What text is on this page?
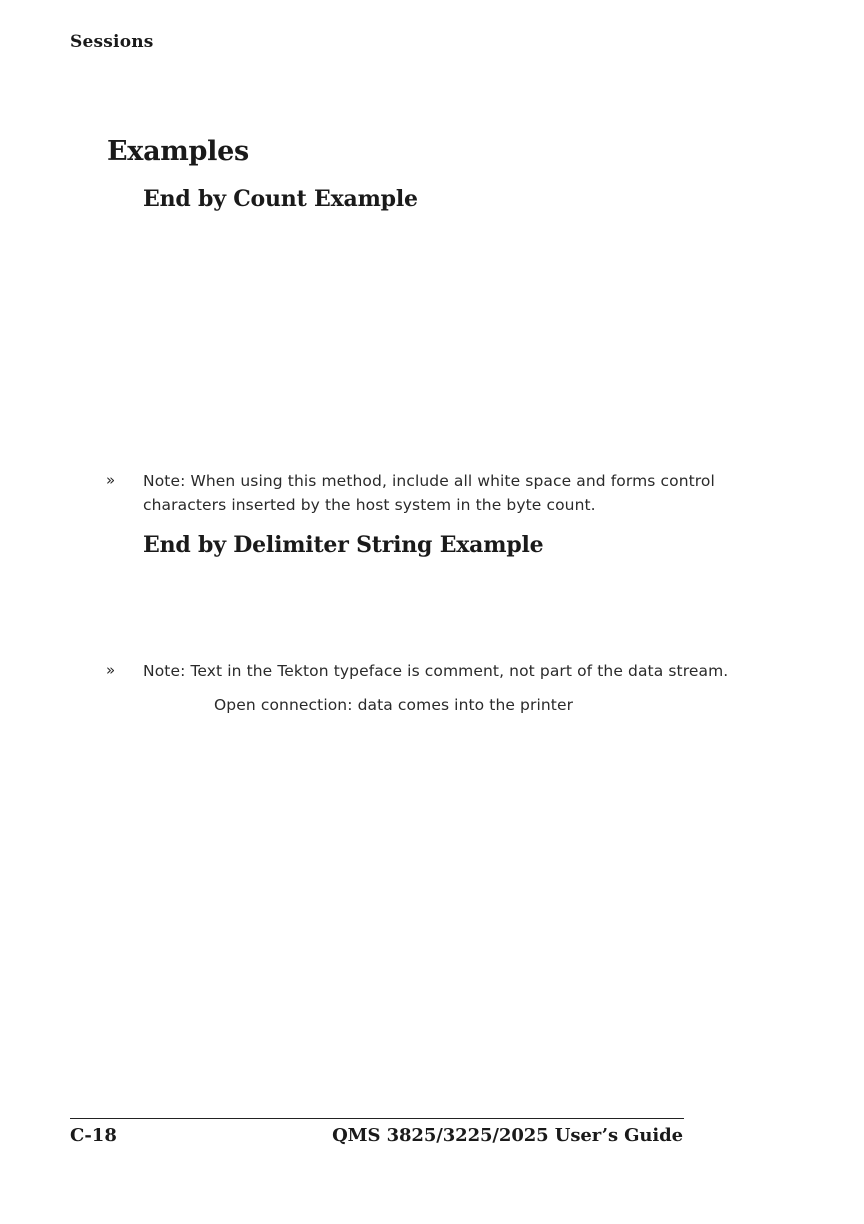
Sessions
Examples
End by Count Example
» Note: When using this method, include all white space and forms control characters inserted by the host system in the byte count.
End by Delimiter String Example
» Note: Text in the Tekton typeface is comment, not part of the data stream.
Open connection: data comes into the printer
C-18	QMS 3825/3225/2025 User’s Guide
